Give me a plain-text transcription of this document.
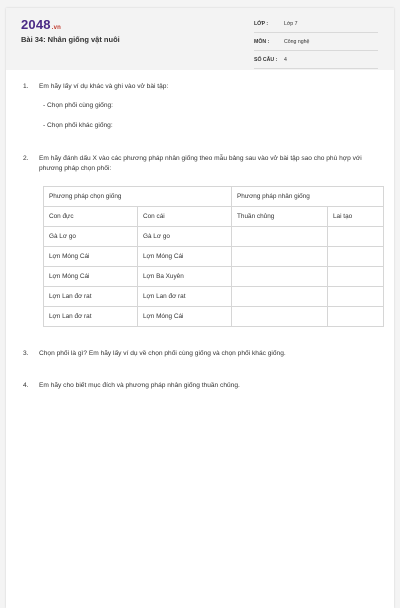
2048.vn
Bài 34: Nhân giống vật nuôi
LỚP :	Lớp 7
MÔN :	Công nghệ
SỐ CÂU : 4
1. Em hãy lấy ví dụ khác và ghi vào vở bài tập:
- Chọn phối cùng giống:
- Chọn phối khác giống:
2. Em hãy đánh dấu X vào các phương pháp nhân giống theo mẫu bảng sau vào vở bài tập sao cho phù hợp với phương pháp chọn phối:
Phương pháp chọn giống		Phương pháp nhân giống	
Con đực	Con cái	Thuần chủng	Lai tạo
Gà Lơ go	Gà Lơ go		
Lợn Móng Cái	Lợn Móng Cái		
Lợn Móng Cái	Lợn Ba Xuyên		
Lợn Lan đơ rat	Lợn Lan đơ rat		
Lợn Lan đơ rat	Lợn Móng Cái		
3. Chọn phối là gì? Em hãy lấy ví dụ về chọn phối cùng giống và chọn phối khác giống.
4. Em hãy cho biết mục đích và phương pháp nhân giống thuần chủng.
